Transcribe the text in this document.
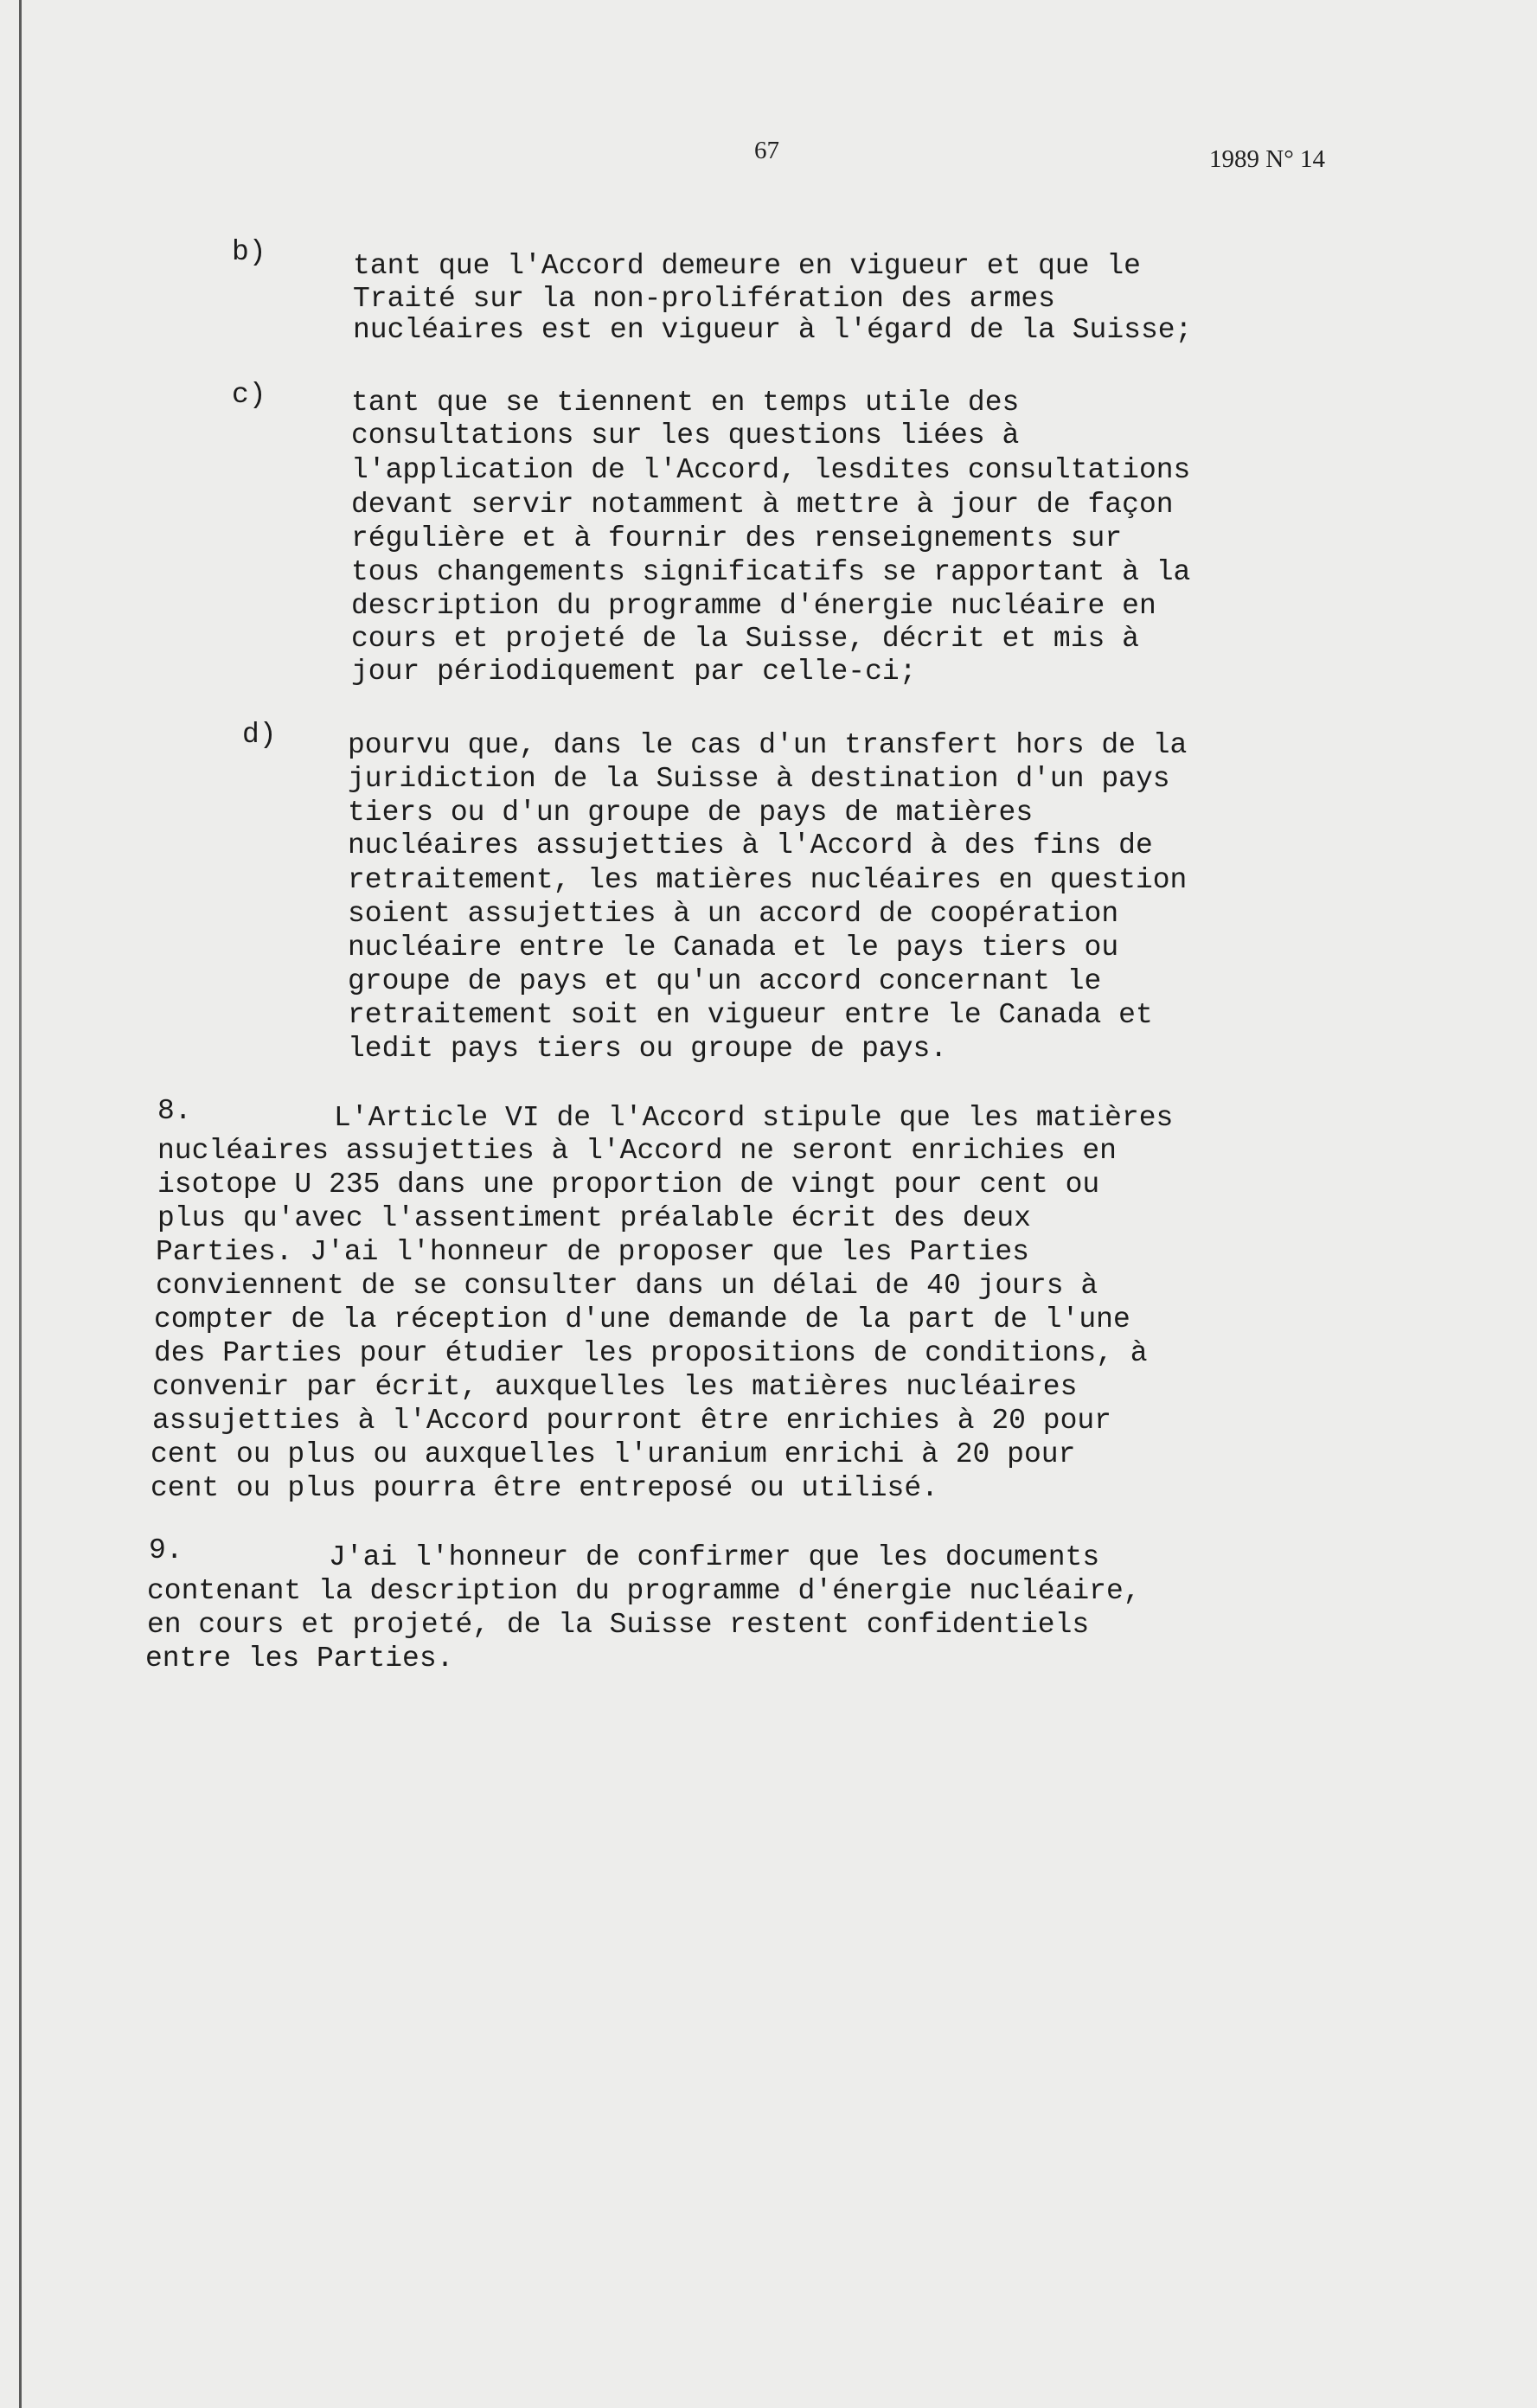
67	1989 N° 14
b)	tant que l'Accord demeure en vigueur et que le
Traité sur la non-prolifération des armes
nucléaires est en vigueur à l'égard de la Suisse;
c)	tant que se tiennent en temps utile des
consultations sur les questions liées à
l'application de l'Accord, lesdites consultations
devant servir notamment à mettre à jour de façon
régulière et à fournir des renseignements sur
tous changements significatifs se rapportant à la
description du programme d'énergie nucléaire en
cours et projeté de la Suisse, décrit et mis à
jour périodiquement par celle-ci;
d) pourvu que, dans le cas d'un transfert hors de la
juridiction de la Suisse à destination d'un pays
tiers ou d'un groupe de pays de matières
nucléaires assujetties à l'Accord à des fins de
retraitement, les matières nucléaires en question
soient assujetties à un accord de coopération
nucléaire entre le Canada et le pays tiers ou
groupe de pays et qu'un accord concernant le
retraitement soit en vigueur entre le Canada et
ledit pays tiers ou groupe de pays.
8.	L'Article VI de l'Accord stipule que les matières
nucléaires assujetties à l'Accord ne seront enrichies en
isotope U 235 dans une proportion de vingt pour cent ou
plus qu'avec l'assentiment préalable écrit des deux
Parties. J'ai l'honneur de proposer que les Parties
conviennent de se consulter dans un délai de 40 jours à
compter de la réception d'une demande de la part de l'une
des Parties pour étudier les propositions de conditions, à
convenir par écrit, auxquelles les matières nucléaires
assujetties à l'Accord pourront être enrichies à 20 pour
cent ou plus ou auxquelles l'uranium enrichi à 20 pour
cent ou plus pourra être entreposé ou utilisé.
9.	J'ai l'honneur de confirmer que les documents
contenant la description du programme d'énergie nucléaire,
en cours et projeté, de la Suisse restent confidentiels
entre les Parties.
